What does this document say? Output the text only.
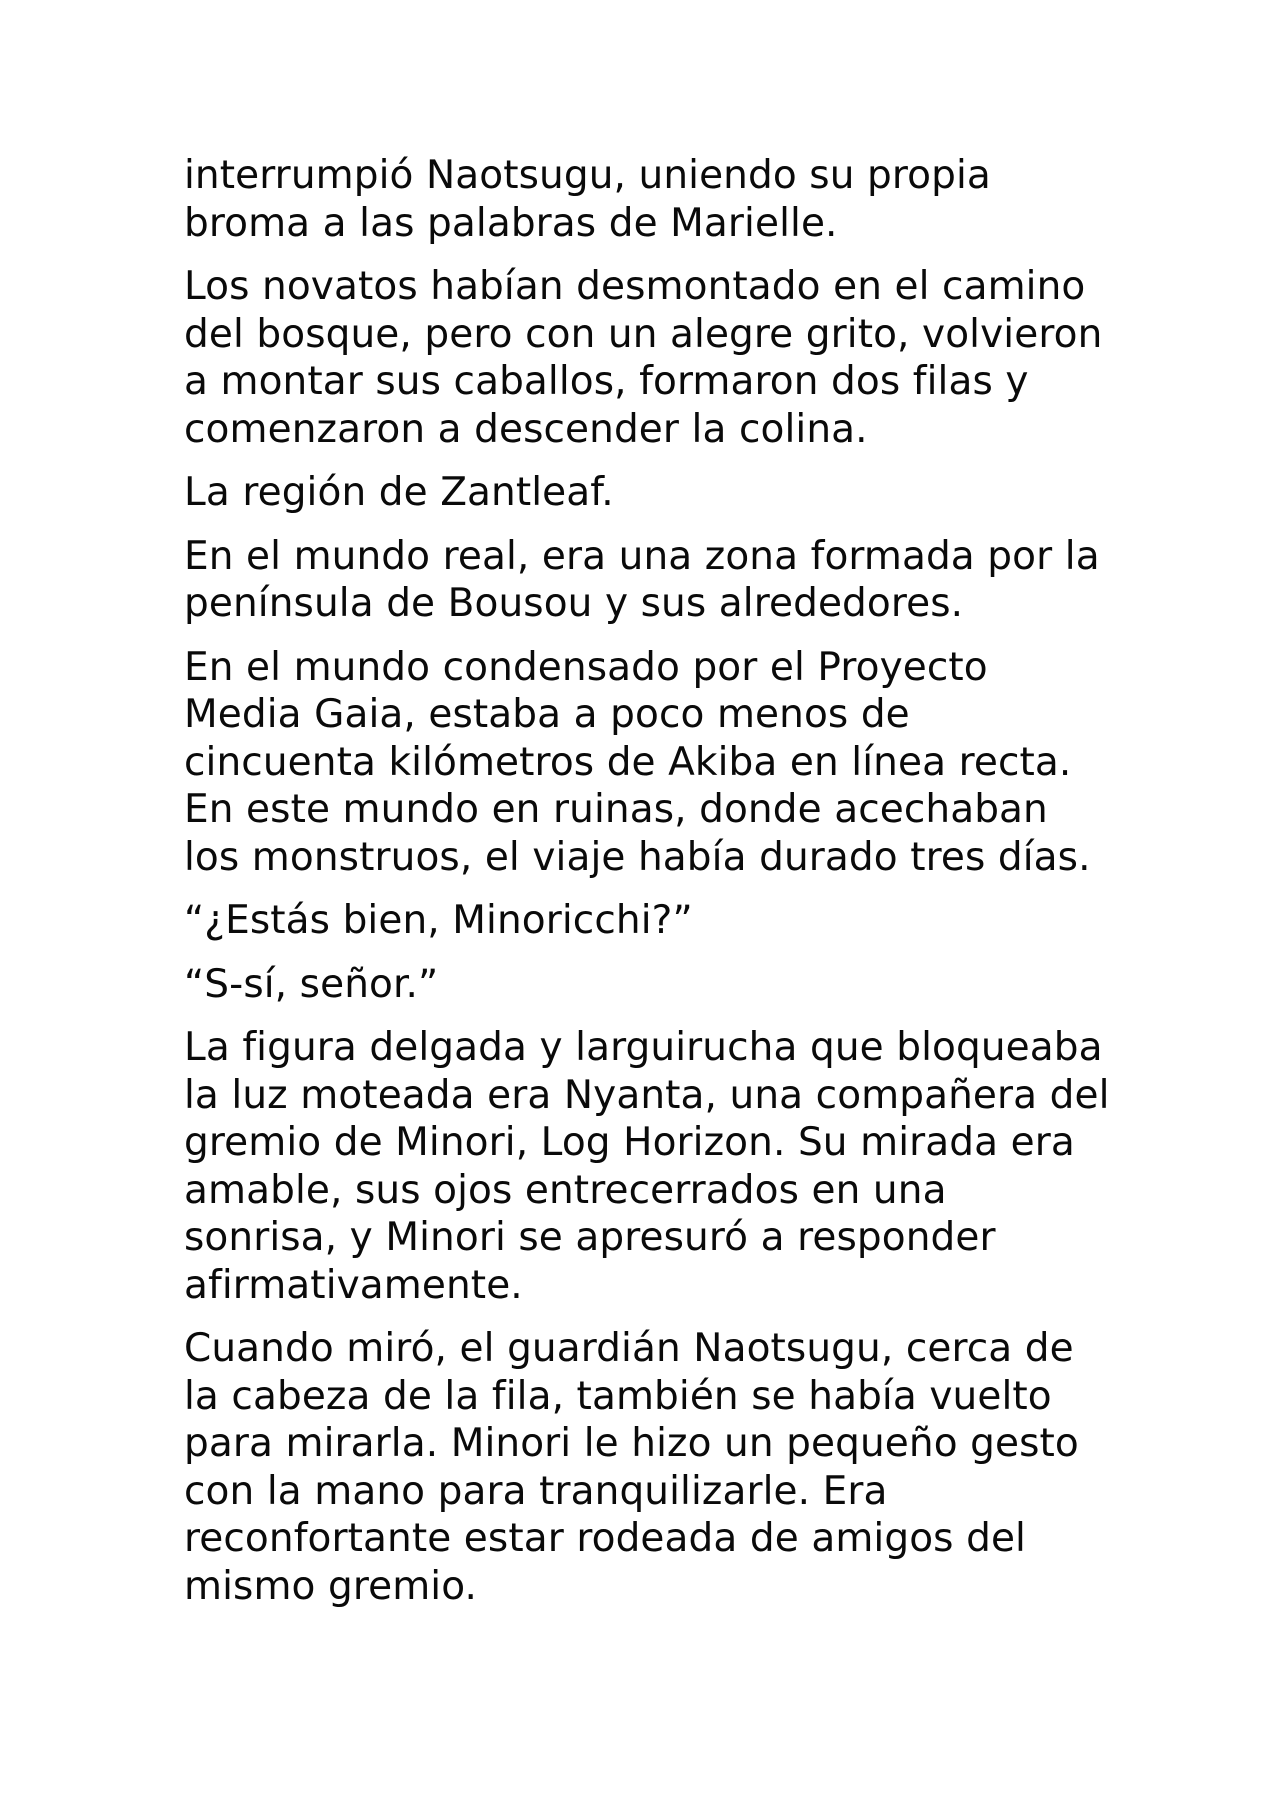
interrumpió Naotsugu, uniendo su propia
broma a las palabras de Marielle.

Los novatos habían desmontado en el camino
del bosque, pero con un alegre grito, volvieron
a montar sus caballos, formaron dos filas y
comenzaron a descender la colina.

La región de Zantleaf.

En el mundo real, era una zona formada por la
península de Bousou y sus alrededores.

En el mundo condensado por el Proyecto
Media Gaia, estaba a poco menos de
cincuenta kilómetros de Akiba en línea recta.
En este mundo en ruinas, donde acechaban
los monstruos, el viaje había durado tres días.

“¿Estás bien, Minoricchi?”

“S-sí, señor.”

La figura delgada y larguirucha que bloqueaba
la luz moteada era Nyanta, una compañera del
gremio de Minori, Log Horizon. Su mirada era
amable, sus ojos entrecerrados en una
sonrisa, y Minori se apresuró a responder
afirmativamente.

Cuando miró, el guardián Naotsugu, cerca de
la cabeza de la fila, también se había vuelto
para mirarla. Minori le hizo un pequeño gesto
con la mano para tranquilizarle. Era
reconfortante estar rodeada de amigos del
mismo gremio.
